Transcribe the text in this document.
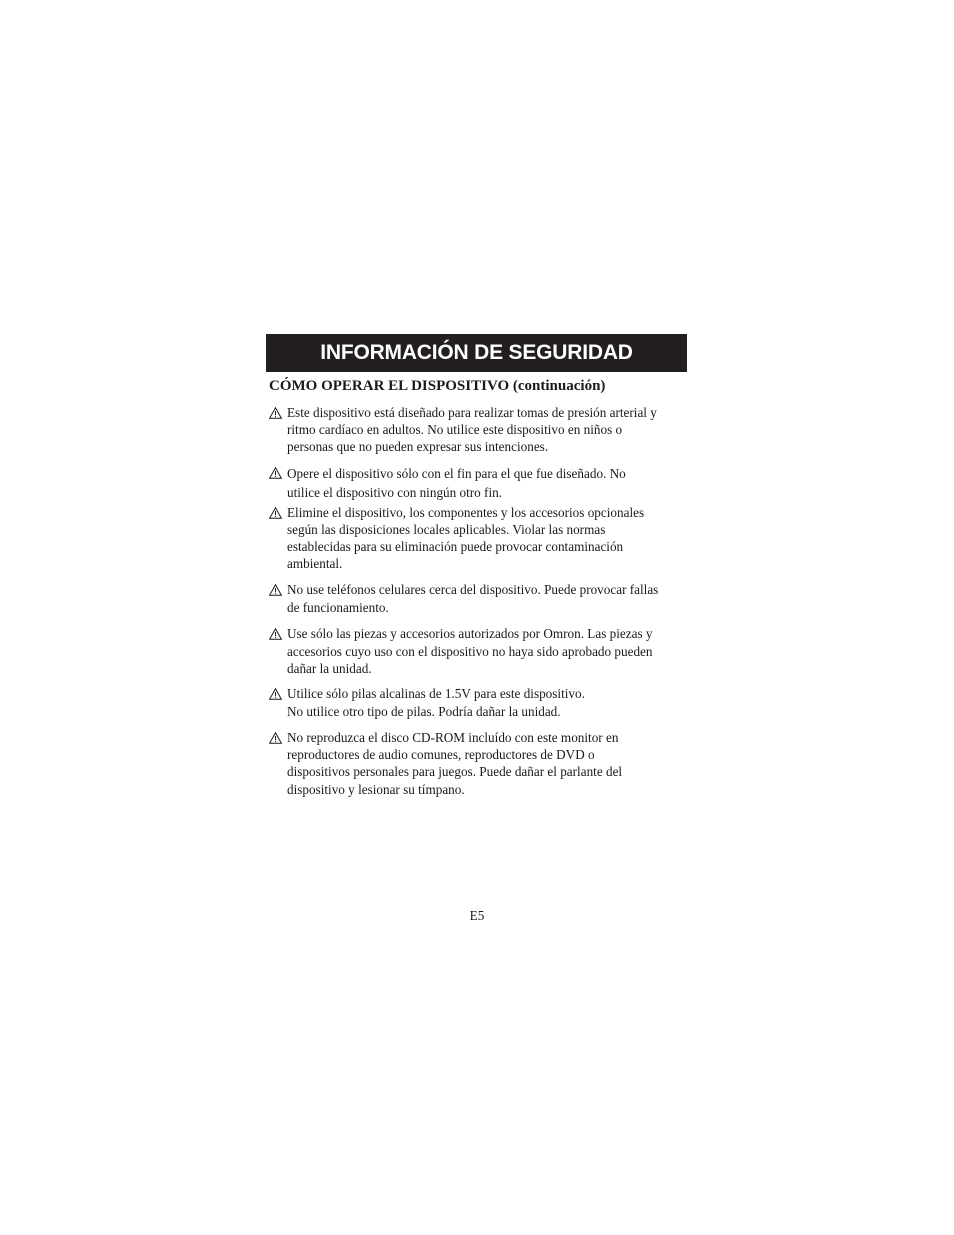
INFORMACIÓN DE SEGURIDAD
CÓMO OPERAR EL DISPOSITIVO (continuación)
Este dispositivo está diseñado para realizar tomas de presión arterial y
ritmo cardíaco en adultos. No utilice este dispositivo en niños o
personas que no pueden expresar sus intenciones.
Opere el dispositivo sólo con el fin para el que fue diseñado. No
utilice el dispositivo con ningún otro fin.
Elimine el dispositivo, los componentes y los accesorios opcionales
según las disposiciones locales aplicables. Violar las normas
establecidas para su eliminación puede provocar contaminación
ambiental.
No use teléfonos celulares cerca del dispositivo. Puede provocar fallas
de funcionamiento.
Use sólo las piezas y accesorios autorizados por Omron. Las piezas y
accesorios cuyo uso con el dispositivo no haya sido aprobado pueden
dañar la unidad.
Utilice sólo pilas alcalinas de 1.5V para este dispositivo.
No utilice otro tipo de pilas. Podría dañar la unidad.
No reproduzca el disco CD-ROM incluído con este monitor en
reproductores de audio comunes, reproductores de DVD o
dispositivos personales para juegos. Puede dañar el parlante del
dispositivo y lesionar su tímpano.
E5
